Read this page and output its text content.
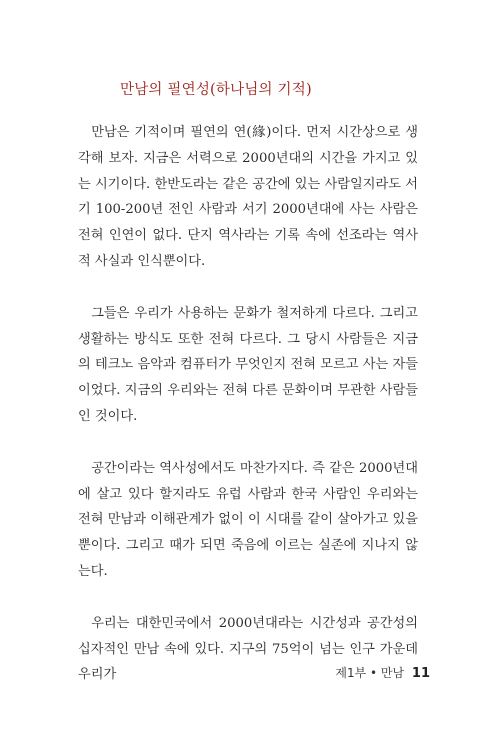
만남의 필연성(하나님의 기적)

만남은 기적이며 필연의 연(緣)이다. 먼저 시간상으로 생각해 보자. 지금은 서력으로 2000년대의 시간을 가지고 있는 시기이다. 한반도라는 같은 공간에 있는 사람일지라도 서기 100-200년 전인 사람과 서기 2000년대에 사는 사람은 전혀 인연이 없다. 단지 역사라는 기록 속에 선조라는 역사적 사실과 인식뿐이다.

그들은 우리가 사용하는 문화가 철저하게 다르다. 그리고 생활하는 방식도 또한 전혀 다르다. 그 당시 사람들은 지금의 테크노 음악과 컴퓨터가 무엇인지 전혀 모르고 사는 자들이었다. 지금의 우리와는 전혀 다른 문화이며 무관한 사람들인 것이다.

공간이라는 역사성에서도 마찬가지다. 즉 같은 2000년대에 살고 있다 할지라도 유럽 사람과 한국 사람인 우리와는 전혀 만남과 이해관계가 없이 이 시대를 같이 살아가고 있을 뿐이다. 그리고 때가 되면 죽음에 이르는 실존에 지나지 않는다.

우리는 대한민국에서 2000년대라는 시간성과 공간성의 십자적인 만남 속에 있다. 지구의 75억이 넘는 인구 가운데 우리가	제1부 • 만남 11
